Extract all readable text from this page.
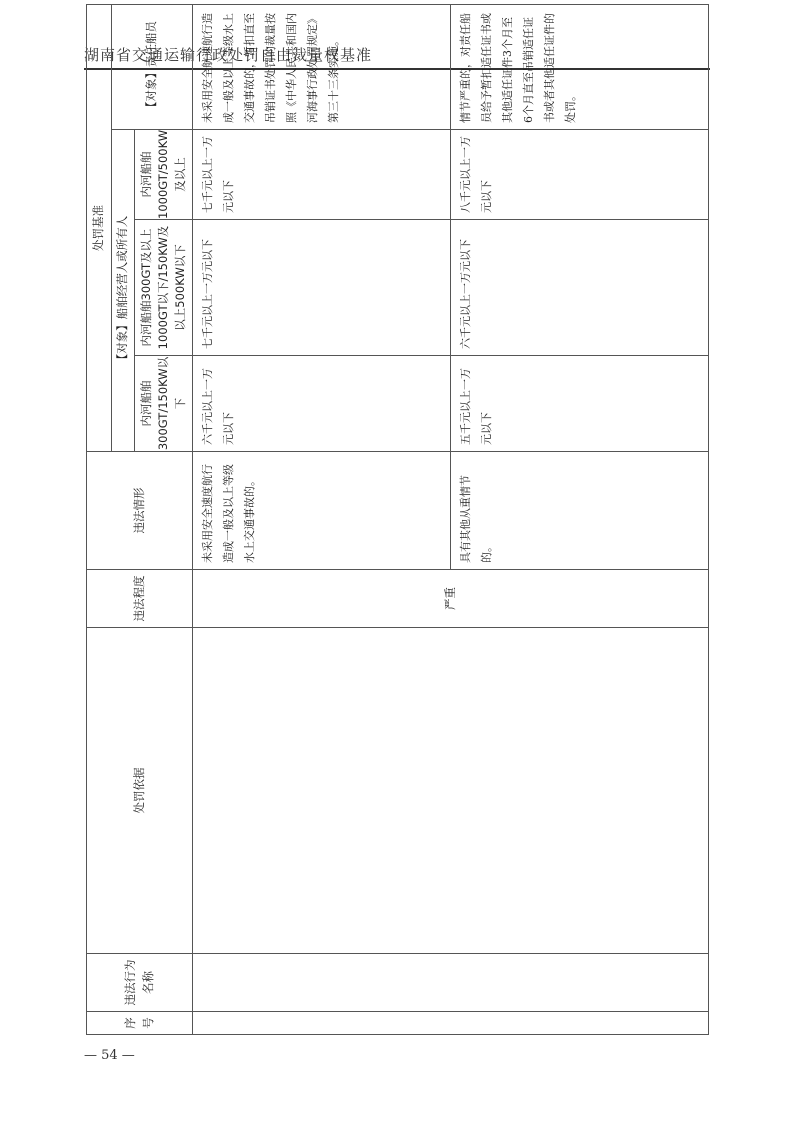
湖南省交通运输行政处罚自由裁量权基准
序号	违法行为名称	处罚依据	违法程度	违法情形	处罚基准			
					【对象】船舶经营人或所有人			【对象】责任船员
					内河船舶300GT/150KW以下	内河船舶300GT及以上1000GT以下/150KW及以上500KW以下	内河船舶1000GT/500KW及以上	
			严重	未采用安全速度航行造成一般及以上等级水上交通事故的。	六千元以上一万元以下	七千元以上一万元以下	七千元以上一万元以下	未采用安全航速航行造成一般及以上等级水上交通事故的，暂扣直至吊销证书处罚的裁量按照《中华人民共和国内河海事行政处罚规定》第三十三条实施。
				具有其他从重情节的。	五千元以上一万元以下	六千元以上一万元以下	八千元以上一万元以下	情节严重的，对责任船员给予暂扣适任证书或其他适任证件3个月至6个月直至吊销适任证书或者其他适任证件的处罚。
— 54 —
